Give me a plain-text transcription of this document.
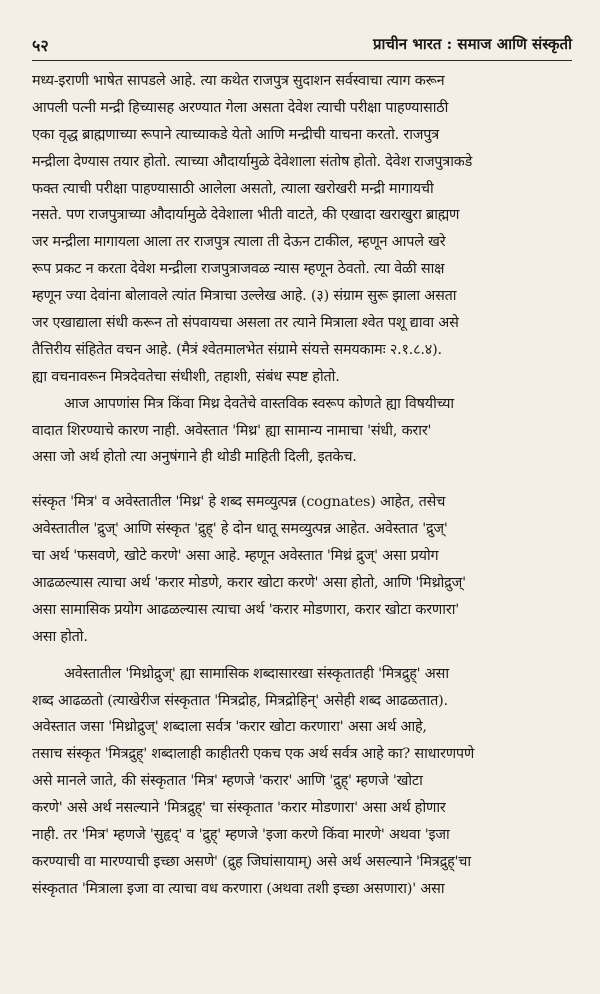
५२	प्राचीन भारत : समाज आणि संस्कृती
मध्य-इराणी भाषेत सापडले आहे. त्या कथेत राजपुत्र सुदाशन सर्वस्वाचा त्याग करून
आपली पत्नी मन्द्री हिच्यासह अरण्यात गेला असता देवेश त्याची परीक्षा पाहण्यासाठी
एका वृद्ध ब्राह्मणाच्या रूपाने त्याच्याकडे येतो आणि मन्द्रीची याचना करतो. राजपुत्र
मन्द्रीला देण्यास तयार होतो. त्याच्या औदार्यामुळे देवेशाला संतोष होतो. देवेश राजपुत्राकडे
फक्त त्याची परीक्षा पाहण्यासाठी आलेला असतो, त्याला खरोखरी मन्द्री मागायची
नसते. पण राजपुत्राच्या औदार्यामुळे देवेशाला भीती वाटते, की एखादा खराखुरा ब्राह्मण
जर मन्द्रीला मागायला आला तर राजपुत्र त्याला ती देऊन टाकील, म्हणून आपले खरे
रूप प्रकट न करता देवेश मन्द्रीला राजपुत्राजवळ न्यास म्हणून ठेवतो. त्या वेळी साक्ष
म्हणून ज्या देवांना बोलावले त्यांत मित्राचा उल्लेख आहे. (३) संग्राम सुरू झाला असता
जर एखाद्याला संधी करून तो संपवायचा असला तर त्याने मित्राला श्वेत पशू द्यावा असे
तैत्तिरीय संहितेत वचन आहे. (मैत्रं श्वेतमालभेत संग्रामे संयत्ते समयकामः २.१.८.४).
ह्या वचनावरून मित्रदेवतेचा संधीशी, तहाशी, संबंध स्पष्ट होतो.
आज आपणांस मित्र किंवा मिथ्र देवतेचे वास्तविक स्वरूप कोणते ह्या विषयीच्या
वादात शिरण्याचे कारण नाही. अवेस्तात 'मिथ्र' ह्या सामान्य नामाचा 'संधी, करार'
असा जो अर्थ होतो त्या अनुषंगाने ही थोडी माहिती दिली, इतकेच.
संस्कृत 'मित्र' व अवेस्तातील 'मिथ्र' हे शब्द समव्युत्पन्न (cognates) आहेत, तसेच
अवेस्तातील 'द्रुज्' आणि संस्कृत 'द्रुह्' हे दोन धातू समव्युत्पन्न आहेत. अवेस्तात 'द्रुज्'
चा अर्थ 'फसवणे, खोटे करणे' असा आहे. म्हणून अवेस्तात 'मिथ्रं द्रुज्' असा प्रयोग
आढळल्यास त्याचा अर्थ 'करार मोडणे, करार खोटा करणे' असा होतो, आणि 'मिथ्रोद्रुज्'
असा सामासिक प्रयोग आढळल्यास त्याचा अर्थ 'करार मोडणारा, करार खोटा करणारा'
असा होतो.
अवेस्तातील 'मिथ्रोद्रुज्' ह्या सामासिक शब्दासारखा संस्कृतातही 'मित्रद्रुह्' असा
शब्द आढळतो (त्याखेरीज संस्कृतात 'मित्रद्रोह, मित्रद्रोहिन्' असेही शब्द आढळतात).
अवेस्तात जसा 'मिथ्रोद्रुज्' शब्दाला सर्वत्र 'करार खोटा करणारा' असा अर्थ आहे,
तसाच संस्कृत 'मित्रद्रुह्' शब्दालाही काहीतरी एकच एक अर्थ सर्वत्र आहे का? साधारणपणे
असे मानले जाते, की संस्कृतात 'मित्र' म्हणजे 'करार' आणि 'द्रुह्' म्हणजे 'खोटा
करणे' असे अर्थ नसल्याने 'मित्रद्रुह्' चा संस्कृतात 'करार मोडणारा' असा अर्थ होणार
नाही. तर 'मित्र' म्हणजे 'सुहृद्' व 'द्रुह्' म्हणजे 'इजा करणे किंवा मारणे' अथवा 'इजा
करण्याची वा मारण्याची इच्छा असणे' (द्रुह जिघांसायाम्) असे अर्थ असल्याने 'मित्रद्रुह्'चा
संस्कृतात 'मित्राला इजा वा त्याचा वध करणारा (अथवा तशी इच्छा असणारा)' असा
